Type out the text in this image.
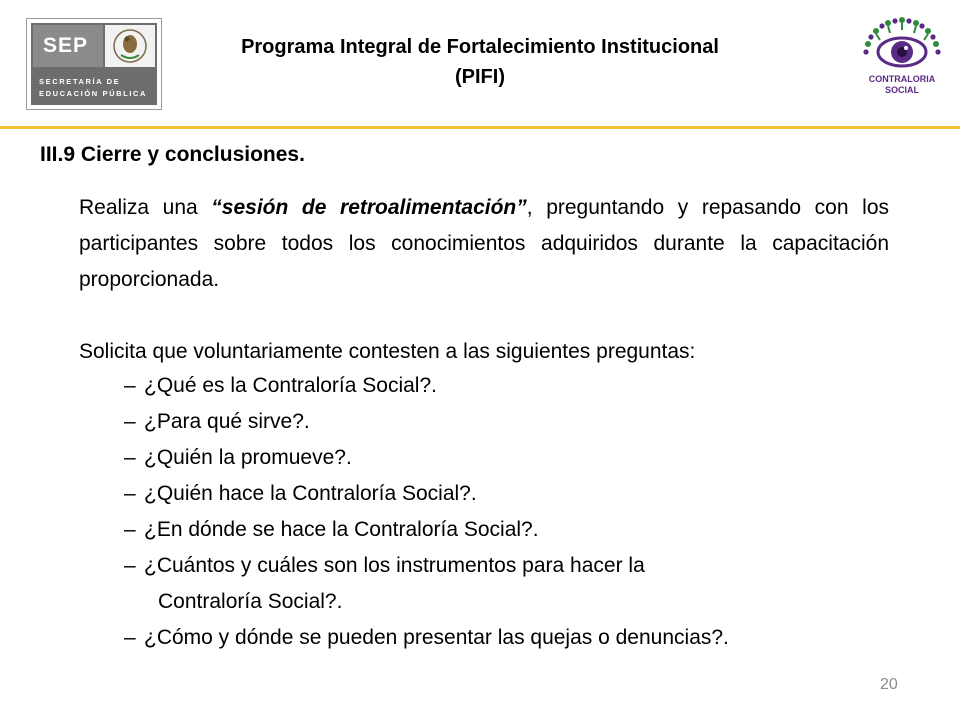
SEP
SECRETARÍA DE
EDUCACIÓN PÚBLICA
Programa Integral de Fortalecimiento Institucional
(PIFI)	CONTRALORIA
SOCIAL
III.9 Cierre y conclusiones.
Realiza una “sesión de retroalimentación”, preguntando y repasando con los participantes sobre todos los conocimientos adquiridos durante la capacitación proporcionada.
Solicita que voluntariamente contesten a las siguientes preguntas:
‒ ¿Qué es la Contraloría Social?.
‒ ¿Para qué sirve?.
‒ ¿Quién la promueve?.
‒ ¿Quién hace la Contraloría Social?.
‒ ¿En dónde se hace la Contraloría Social?.
‒ ¿Cuántos y cuáles son los instrumentos para hacer la
Contraloría Social?.
‒ ¿Cómo y dónde se pueden presentar las quejas o denuncias?.
20
